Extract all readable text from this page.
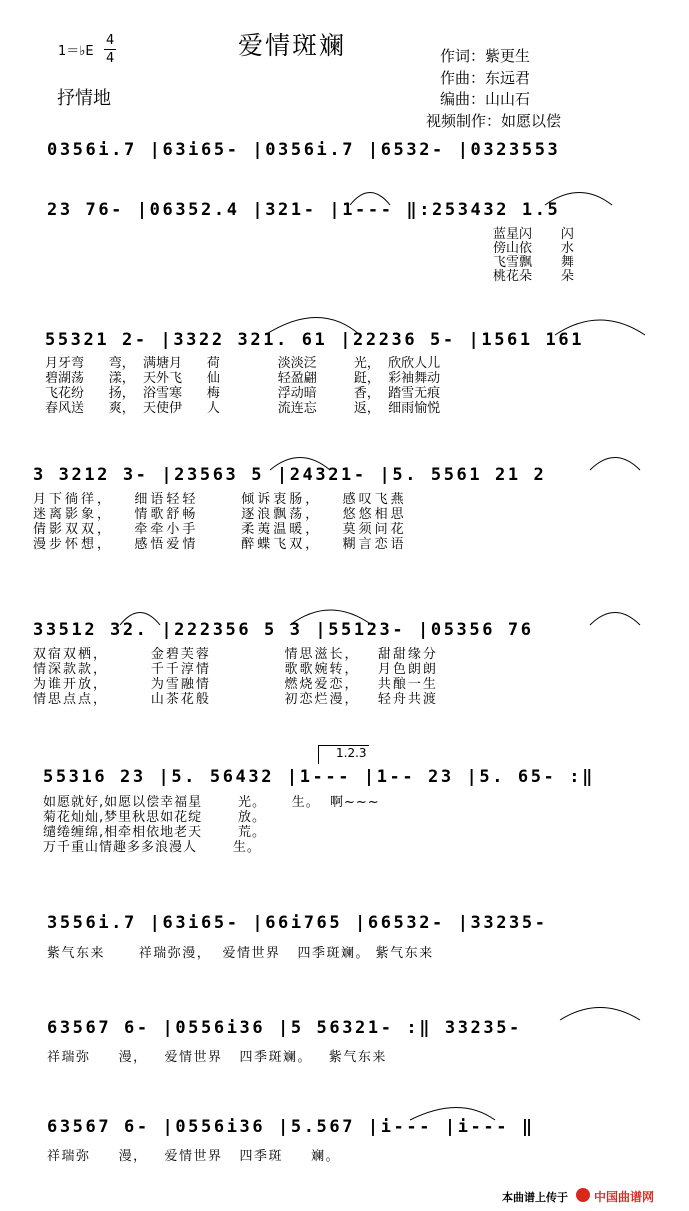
1＝♭E
4
4	爱情斑斓
抒情地
作词：紫更生
作曲：东远君
编曲：山山石
视频制作：如愿以偿
0356i.7 |63i65- |0356i.7 |6532- |0323553
23 76- |06352.4 |321- |1--- ‖:253432 1.5
蓝星闪       闪
傍山依       水
飞雪飘       舞
桃花朵       朵
55321 2- |3322 321. 61 |22236 5- |1561 161
月牙弯      弯，  满塘月      荷              淡淡泛         光，  欣欣人儿
碧湖荡      漾，  天外飞      仙              轻盈翩         跹，  彩袖舞动
飞花纷      扬，  浴雪寒      梅              浮动暗         香，  踏雪无痕
春风送      爽，  天使伊      人              流连忘         返，  细雨愉悦
3 3212 3- |23563 5 |24321- |5. 5561 21 2
月下徜徉，   细语轻轻      倾诉衷肠，   感叹飞燕
迷离影象，   情歌舒畅      逐浪飘荡，   悠悠相思
倩影双双，   牵牵小手      柔荑温暖，   莫须问花
漫步怀想，   感悟爱情      醉蝶飞双，   糊言恋语
33512 32. |222356 5 3 |55123- |05356 76
双宿双栖，       金碧芙蓉            情思滋长，   甜甜缘分
情深款款，       千千淳情            歌歌婉转，   月色朗朗
为谁开放，       为雪融情            燃烧爱恋，   共酿一生
情思点点，       山茶花般            初恋烂漫，   轻舟共渡
1.2.3
55316 23 |5. 56432 |1--- |1-- 23 |5. 65- :‖
如愿就好,如愿以偿幸福星       光。     生。  啊~~~
菊花灿灿,梦里秋思如花绽       放。
缱绻缠绵,相牵相依地老天       荒。
万千重山情趣多多浪漫人       生。
3556i.7 |63i65- |66i765 |66532- |33235-
紫气东来      祥瑞弥漫，  爱情世界   四季斑斓。 紫气东来
63567 6- |0556i36 |5 56321- :‖ 33235-
祥瑞弥     漫，   爱情世界   四季斑斓。   紫气东来
63567 6- |0556i36 |5.567 |i--- |i--- ‖
祥瑞弥     漫，   爱情世界   四季斑     斓。
本曲谱上传于 中国曲谱网
